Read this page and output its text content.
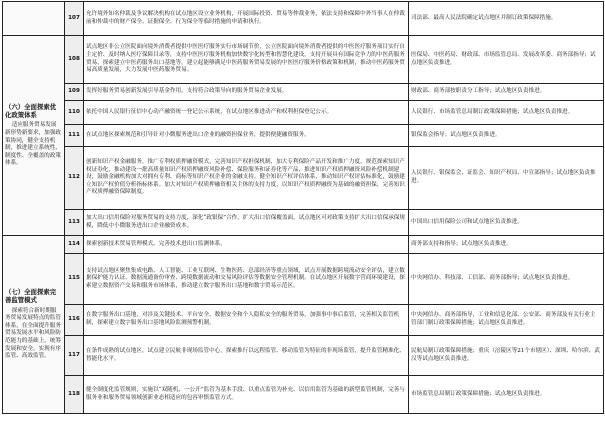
	107	允许境外知名仲裁及争议解决机构在试点地区设立业务机构，开展国际投资、贸易等仲裁业务，依法支持和保障中外当事人在仲裁前和仲裁中的财产保全、证据保全、行为保全等临时措施的申请和执行。	司法部、最高人民法院确定试点地区并制订政策保障措施。

（六）全面探索优化政策体系
适应服务贸易发展新形势新要求，加强政策协同，健全支持机制，推进建立系统性、制度性、全覆盖的政策体系。	108	试点地区非公立医院面向境外消费者提供中医医疗服务实行市场调节价，公立医院面向境外消费者提供的中医医疗服务项目实行自主定价、及时纳入医疗保障目录等，支持中医医疗服务机构加快数字化转型和智慧化建设，支持开展具有国际竞争力的中医药服务贸易，探索建立中医药服务出口基地等，建立起能够满足中医药服务贸易发展的中医医疗服务价格政策和机制，推动中医药服务贸易高质量发展，大力发展中医药服务贸易。	医保局、中医药局、财政部、市场监管总局、发展改革委、商务部指导；试点地区负责推进。
	109	发挥好服务贸易创新发展引导基金作用，支持符合政策导向的服务贸易企业发展。	财政部、商务部按职责分工指导；试点地区负责推进。
	110	依托中国人民银行征信中心动产融资统一登记公示系统，在试点地区推进动产和权利担保登记公示。	人民银行、市场监管总局制订政策保障措施；试点地区负责推进。
	111	在试点地区探索规范和引导针对小微服务进出口企业的融资担保业务，提供便捷融资服务。	银保监会指导；试点地区负责推进。
	112	创新知识产权金融服务，推广专利权质押融资模式，完善知识产权担保机制，加大专利保险产品开发和推广力度，规范探索知识产权证券化，推动建设一批高质量知识产权质押融资风险补偿、保险服务和证券化等产品，推进知识产权质押融资风险补偿机制建设，鼓励金融机构加大对拥有专利、商标等知识产权企业的金融支持。健全知识产权评估体系，推动知识产权评估标准化，鼓励建立知识产权价值分析指标体系。加大对知识产权质押融资相关主体的支持力度，以知识产权质押融资为基础的融资担保，完善知识产权质押融资保障制度。	人民银行、银保监会、证监会、知识产权局、中宣部指导；试点地区负责推进。
	113	加大出口信用保险对服务贸易的支持力度，深化“政银保”合作，扩大出口信保覆盖面，试点地区可对政策支持扩大出口信保承保规模，降低中小微服务进出口企业融资成本。	中国出口信用保险公司和试点地区负责推进。

（七）全面探索完善监管模式
探索符合新时期服务贸易发展特点的监管体系，在全面提升服务贸易发展水平和风险防范能力的基础上，统筹发展和安全，实现有序监管、高效监管。	114	探索创新技术贸易管理模式，完善技术进出口监测体系。	商务部支持和指导；试点地区负责推进。
	115	支持试点地区聚焦集成电路、人工智能、工业互联网、生物医药、总部经济等重点领域，试点开展数据跨境流动安全评估，建立数据保护能力认证、数据流通备份审查、跨境数据流动和交易风险评估等数据安全管理机制。在试点地区开展数字营商环境建设，探索建立数据资产交易和服务市场体系，推动建立数字服务出口基地和数字贸易示范区。	中央网信办、科技部、工信部、商务部指导；试点地区负责推进。
	116	在数字服务出口基地，对涉及关键技术、平台安全、数据安全和个人隐私安全的服务贸易，加强事中事后监管，完善相关监管机制，探索建立数字服务出口基地风险监测预警机制。	中央网信办、商务部指导，工业和信息化部、公安部、商务部及有关行业主管部门制订政策保障措施；试点地区负责推进。
	117	在条件成熟的试点地区，试点建立民航非现场监管中心，探索推行以远程监管、移动监管为特征的非现场监管，提升监管精准化、智能化水平。	民航局制订政策保障措施；重庆（涪陵区等21个市辖区）、深圳、哈尔滨、武汉等试点地区负责推进。
	118	健全制度化监管规则，实施以“双随机、一公开”监管为基本手段、以重点监管为补充、以信用监管为基础的新型监管机制，完善与服务业和服务贸易领域创新业态相适应的包容审慎监管方式。	市场监管总局制订政策保障措施；试点地区负责推进。
